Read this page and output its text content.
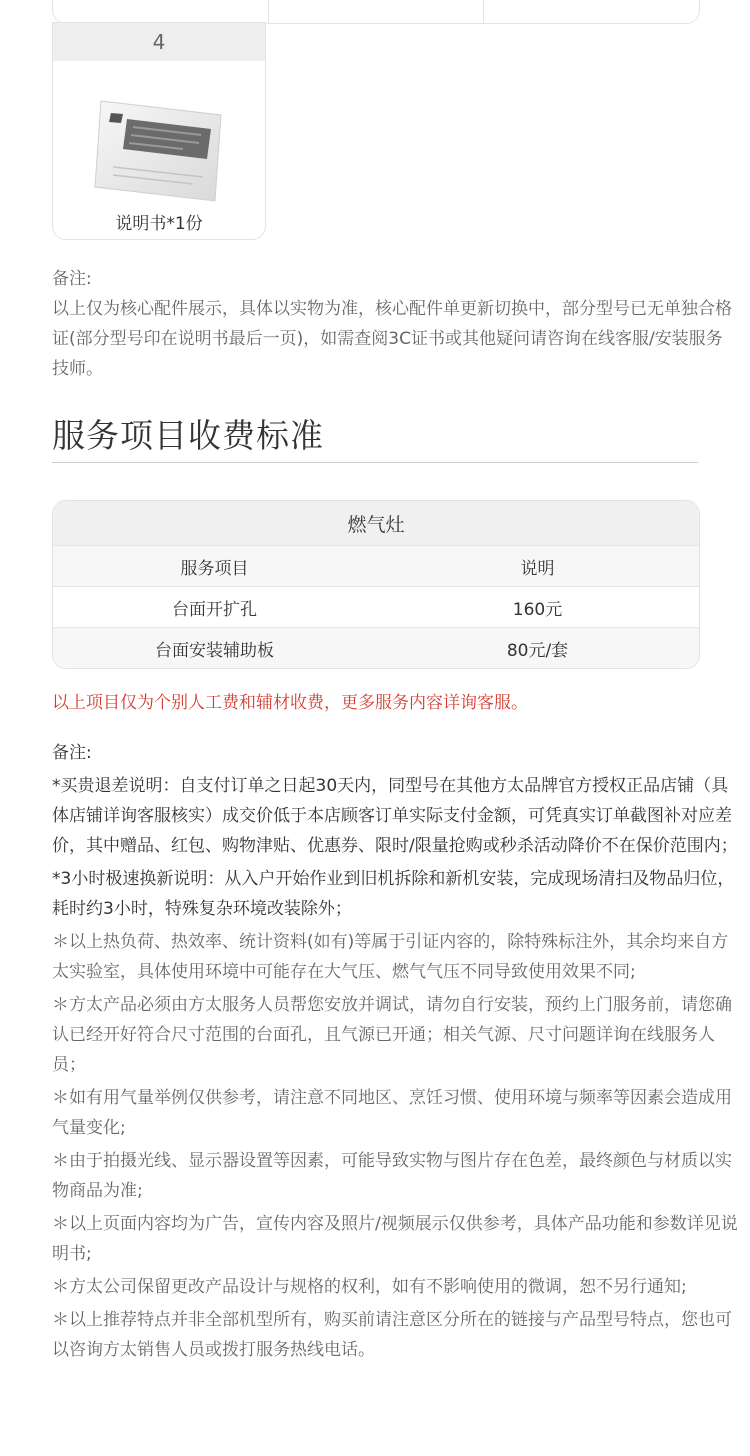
4
说明书*1份
备注:
以上仅为核心配件展示，具体以实物为准，核心配件单更新切换中，部分型号已无单独合格证(部分型号印在说明书最后一页)，如需查阅3C证书或其他疑问请咨询在线客服/安装服务技师。
服务项目收费标准
燃气灶
服务项目	说明
台面开扩孔	160元
台面安装辅助板	80元/套
以上项目仅为个别人工费和辅材收费，更多服务内容详询客服。

备注:

*买贵退差说明：自支付订单之日起30天内，同型号在其他方太品牌官方授权正品店铺（具体店铺详询客服核实）成交价低于本店顾客订单实际支付金额，可凭真实订单截图补对应差价，其中赠品、红包、购物津贴、优惠券、限时/限量抢购或秒杀活动降价不在保价范围内；

*3小时极速换新说明：从入户开始作业到旧机拆除和新机安装，完成现场清扫及物品归位，耗时约3小时，特殊复杂环境改装除外；

＊以上热负荷、热效率、统计资料(如有)等属于引证内容的，除特殊标注外，其余均来自方太实验室，具体使用环境中可能存在大气压、燃气气压不同导致使用效果不同;

＊方太产品必须由方太服务人员帮您安放并调试，请勿自行安装，预约上门服务前，请您确认已经开好符合尺寸范围的台面孔，且气源已开通；相关气源、尺寸问题详询在线服务人员；

＊如有用气量举例仅供参考，请注意不同地区、烹饪习惯、使用环境与频率等因素会造成用气量变化;

＊由于拍摄光线、显示器设置等因素，可能导致实物与图片存在色差，最终颜色与材质以实物商品为准;

＊以上页面内容均为广告，宣传内容及照片/视频展示仅供参考，具体产品功能和参数详见说明书;

＊方太公司保留更改产品设计与规格的权利，如有不影响使用的微调，恕不另行通知;

＊以上推荐特点并非全部机型所有，购买前请注意区分所在的链接与产品型号特点，您也可以咨询方太销售人员或拨打服务热线电话。
